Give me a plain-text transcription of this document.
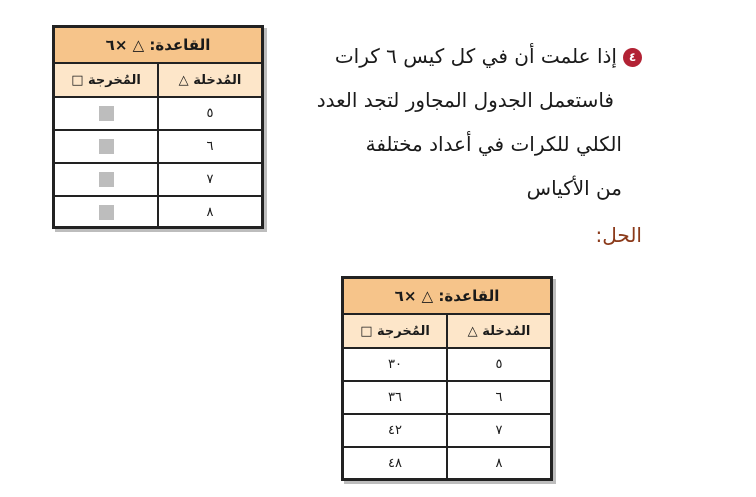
القاعدة: △ ×٦
المُدخلة △
المُخرجة □
٥
٦
٧
٨
٤إذا علمت أن في كل كيس ٦ كرات
فاستعمل الجدول المجاور لتجد العدد
الكلي للكرات في أعداد مختلفة
من الأكياس
الحل:
القاعدة: △ ×٦
المُدخلة △
المُخرجة □
٥
٣٠
٦
٣٦
٧
٤٢
٨
٤٨
